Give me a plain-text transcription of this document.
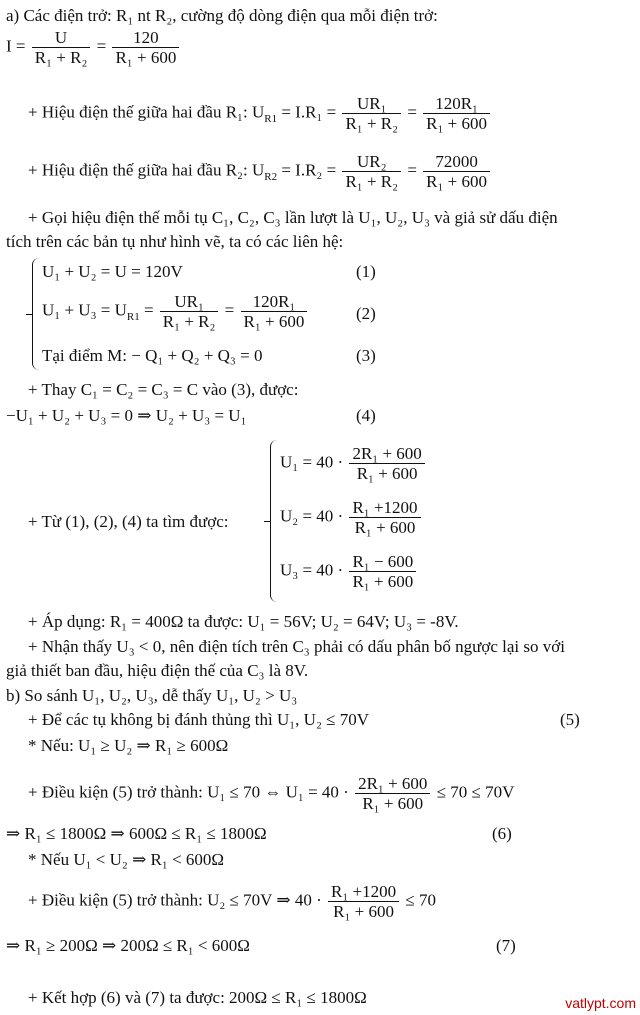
a) Các điện trở: R₁ nt R₂, cường độ dòng điện qua mỗi điện trở:
$I = \frac{U}{\text{R₁ + R₂}} = \frac{120}{\text{R₁ + 600}}$
+ Hiệu điện thế giữa hai đầu R₁: $U_{R1} = I.R_1 = \frac{\text{UR₁}}{\text{R₁ + R₂}} = \frac{\text{120R₁}}{\text{R₁ + 600}}$
+ Hiệu điện thế giữa hai đầu R₂: $U_{R2} = I.R_2 = \frac{\text{UR₂}}{\text{R₁ + R₂}} = \frac{72000}{\text{R₁ + 600}}$
+ Gọi hiệu điện thế mỗi tụ C₁, C₂, C₃ lần lượt là U₁, U₂, U₃ và giả sử dấu điện
tích trên các bản tụ như hình vẽ, ta có các liên hệ:
U₁ + U₂ = U = 120V	(1)
$U_1 + U_3 = U_{R1} = \frac{\text{UR₁}}{\text{R₁ + R₂}} = \frac{\text{120R₁}}{\text{R₁ + 600}}$	(2)
Tại điểm M: − Q₁ + Q₂ + Q₃ = 0	(3)
+ Thay C₁ = C₂ = C₃ = C vào (3), được:
−U₁ + U₂ + U₃ = 0 ⇒ U₂ + U₃ = U₁	(4)
+ Từ (1), (2), (4) ta tìm được:
$U_1 = 40 \cdot \frac{\text{2R₁ + 600}}{\text{R₁ + 600}}$
$U_2 = 40 \cdot \frac{\text{R₁ +1200}}{\text{R₁ + 600}}$
$U_3 = 40 \cdot \frac{\text{R₁ − 600}}{\text{R₁ + 600}}$
+ Áp dụng: R₁ = 400Ω ta được: U₁ = 56V; U₂ = 64V; U₃ = -8V.
+ Nhận thấy U₃ < 0, nên điện tích trên C₃ phải có dấu phân bố ngược lại so với
giả thiết ban đầu, hiệu điện thế của C₃ là 8V.
b) So sánh U₁, U₂, U₃, dễ thấy U₁, U₂ > U₃
+ Để các tụ không bị đánh thủng thì U₁, U₂ ≤ 70V	(5)
* Nếu: U₁ ≥ U₂ ⇒ R₁ ≥ 600Ω
+ Điều kiện (5) trở thành: U₁ ≤ 70 ⇔ $U_1 = 40 \cdot \frac{\text{2R₁ + 600}}{\text{R₁ + 600}} \le 70 \le 70V$
⇒ R₁ ≤ 1800Ω ⇒ 600Ω ≤ R₁ ≤ 1800Ω	(6)
* Nếu U₁ < U₂ ⇒ R₁ < 600Ω
+ Điều kiện (5) trở thành: U₂ ≤ 70V ⇒ $40 \cdot \frac{\text{R₁ +1200}}{\text{R₁ + 600}} \le 70$
⇒ R₁ ≥ 200Ω ⇒ 200Ω ≤ R₁ < 600Ω	(7)
+ Kết hợp (6) và (7) ta được: 200Ω ≤ R₁ ≤ 1800Ω	vatlypt.com
